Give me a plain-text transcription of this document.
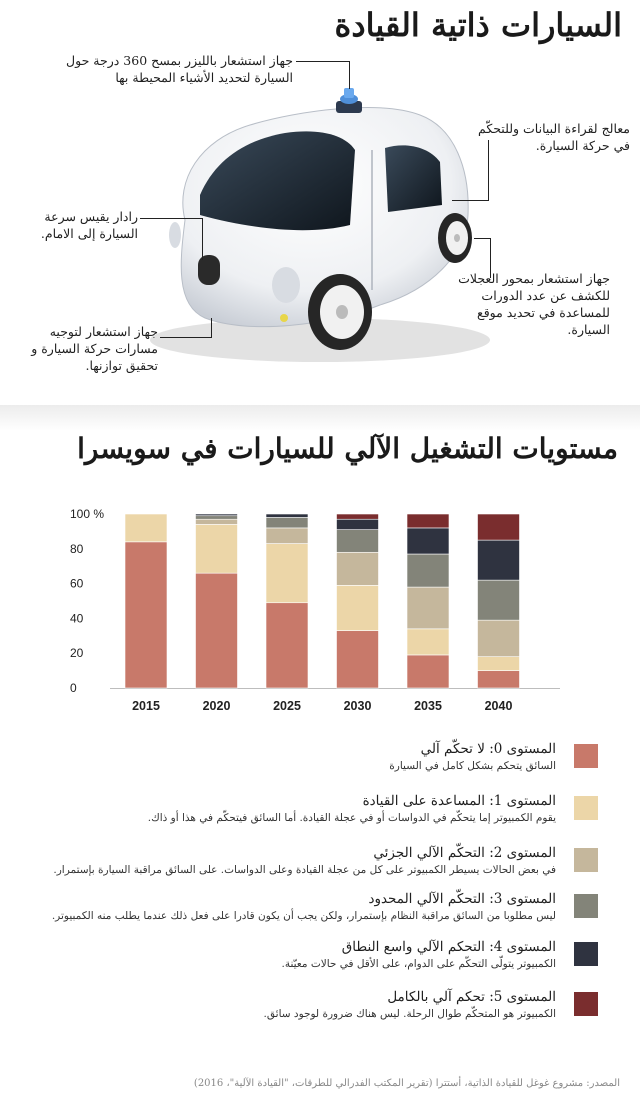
السيارات ذاتية القيادة
جهاز استشعار بالليزر بمسح 360 درجة حول السيارة لتحديد الأشياء المحيطة بها
معالج لقراءة البيانات وللتحكّم في حركة السيارة.
رادار يقيس سرعة السيارة إلى الامام.
جهاز استشعار بمحور العجلات للكشف عن عدد الدورات للمساعدة في تحديد موقع السيارة.
جهاز استشعار لتوجيه مسارات حركة السيارة و تحقيق توازنها.
مستويات التشغيل الآلي للسيارات في سويسرا
0
20
40
60
80
100 %
2015	2020	2025	2030	2035	2040
المستوى 0: لا تحكّم آلي
السائق يتحكم بشكل كامل في السيارة
المستوى 1: المساعدة على القيادة
يقوم الكمبيوتر إما يتحكّم في الدواسات أو في عجلة القيادة. أما السائق فيتحكّم في هذا أو ذاك.
المستوى 2: التحكّم الآلي الجزئي
في بعض الحالات يسيطر الكمبيوتر على كل من عجلة القيادة وعلى الدواسات. على السائق مراقبة السيارة بإستمرار.
المستوى 3: التحكّم الآلي المحدود
ليس مطلوبا من السائق مراقبة النظام بإستمرار، ولكن يجب أن يكون قادرا على فعل ذلك عندما يطلب منه الكمبيوتر.
المستوى 4: التحكم الآلي واسع النطاق
الكمبيوتر يتولّى التحكّم على الدوام، على الأقل في حالات معيّنة.
المستوى 5: تحكم آلي بالكامل
الكمبيوتر هو المتحكّم طوال الرحلة. ليس هناك ضرورة لوجود سائق.
المصدر: مشروع غوغل للقيادة الذاتية، أستترا (تقرير المكتب الفدرالي للطرقات، "القيادة الآلية"، 2016)
